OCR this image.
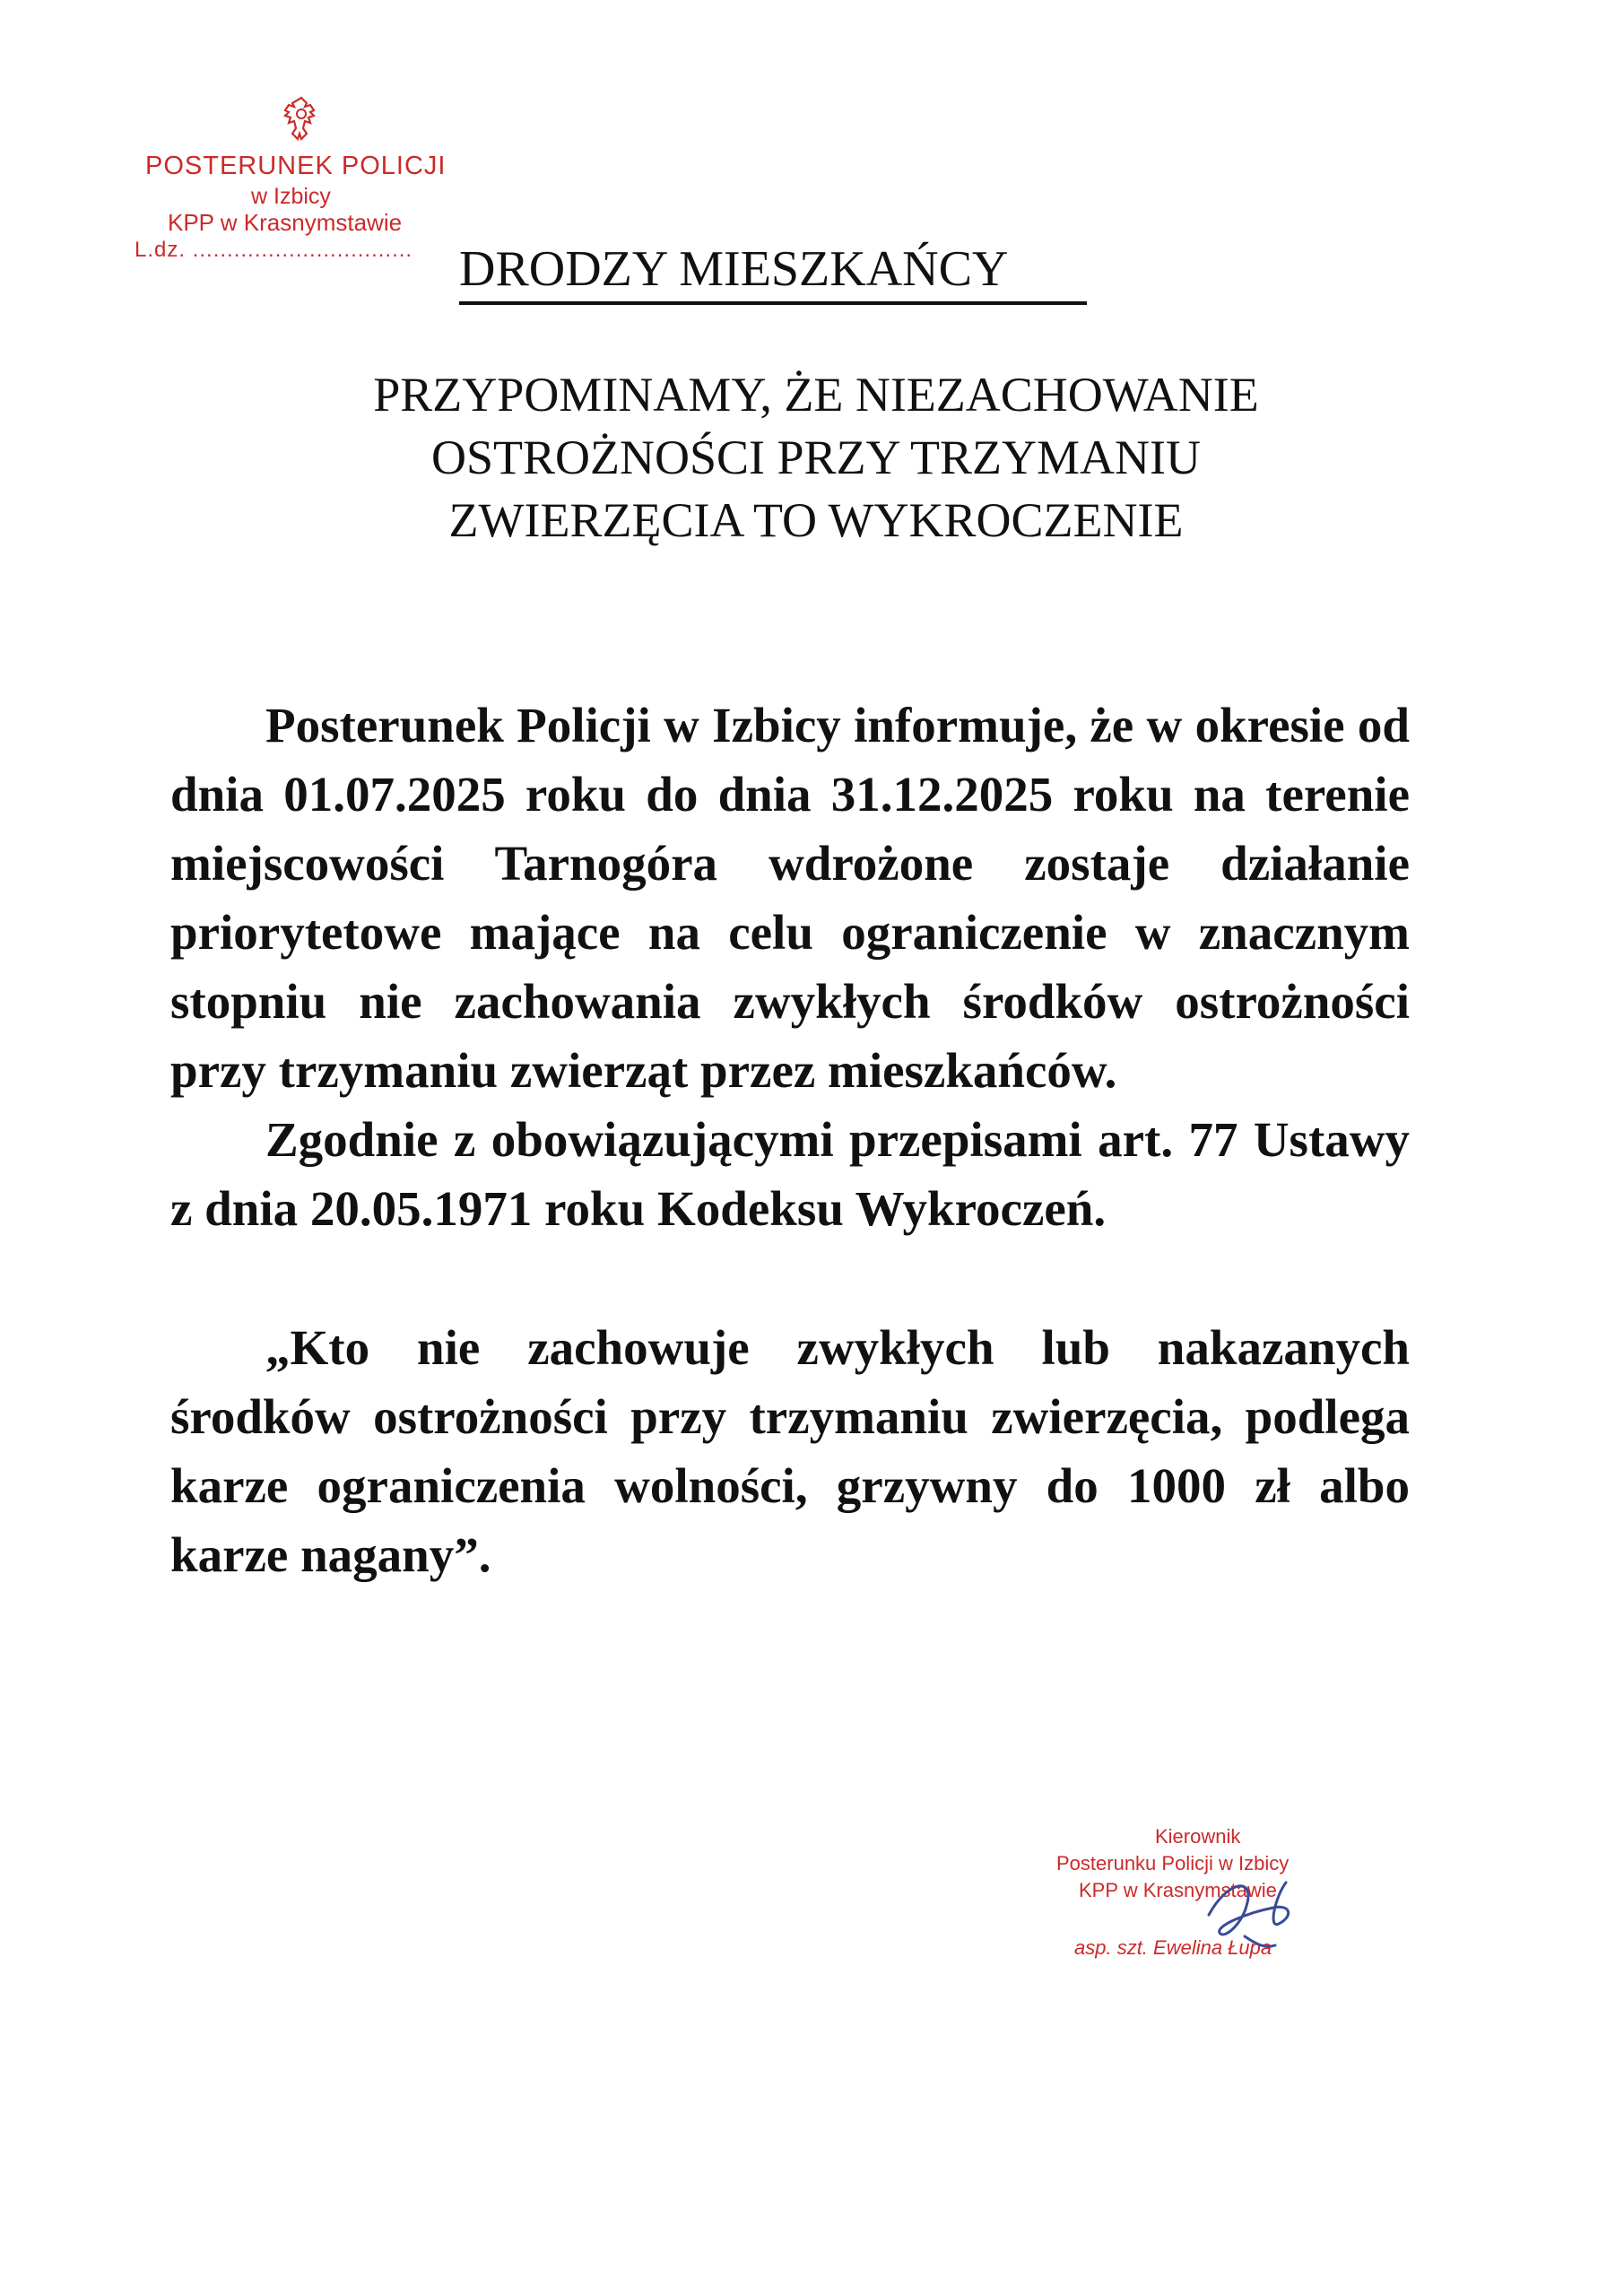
POSTERUNEK POLICJI
w Izbicy
KPP w Krasnymstawie
L.dz. ................................ DRODZY MIESZKAŃCY
PRZYPOMINAMY, ŻE NIEZACHOWANIE
OSTROŻNOŚCI PRZY TRZYMANIU
ZWIERZĘCIA TO WYKROCZENIE

Posterunek Policji w Izbicy informuje, że w okresie od dnia 01.07.2025 roku do dnia 31.12.2025 roku na terenie miejscowości Tarnogóra wdrożone zostaje działanie priorytetowe mające na celu ograniczenie w znacznym stopniu nie zachowania zwykłych środków ostrożności przy trzymaniu zwierząt przez mieszkańców.

Zgodnie z obowiązującymi przepisami art. 77 Ustawy z dnia 20.05.1971 roku Kodeksu Wykroczeń.

„Kto nie zachowuje zwykłych lub nakazanych środków ostrożności przy trzymaniu zwierzęcia, podlega karze ograniczenia wolności, grzywny do 1000 zł albo karze nagany”.

Kierownik
Posterunku Policji w Izbicy
KPP w Krasnymstawie
asp. szt. Ewelina Łupa
